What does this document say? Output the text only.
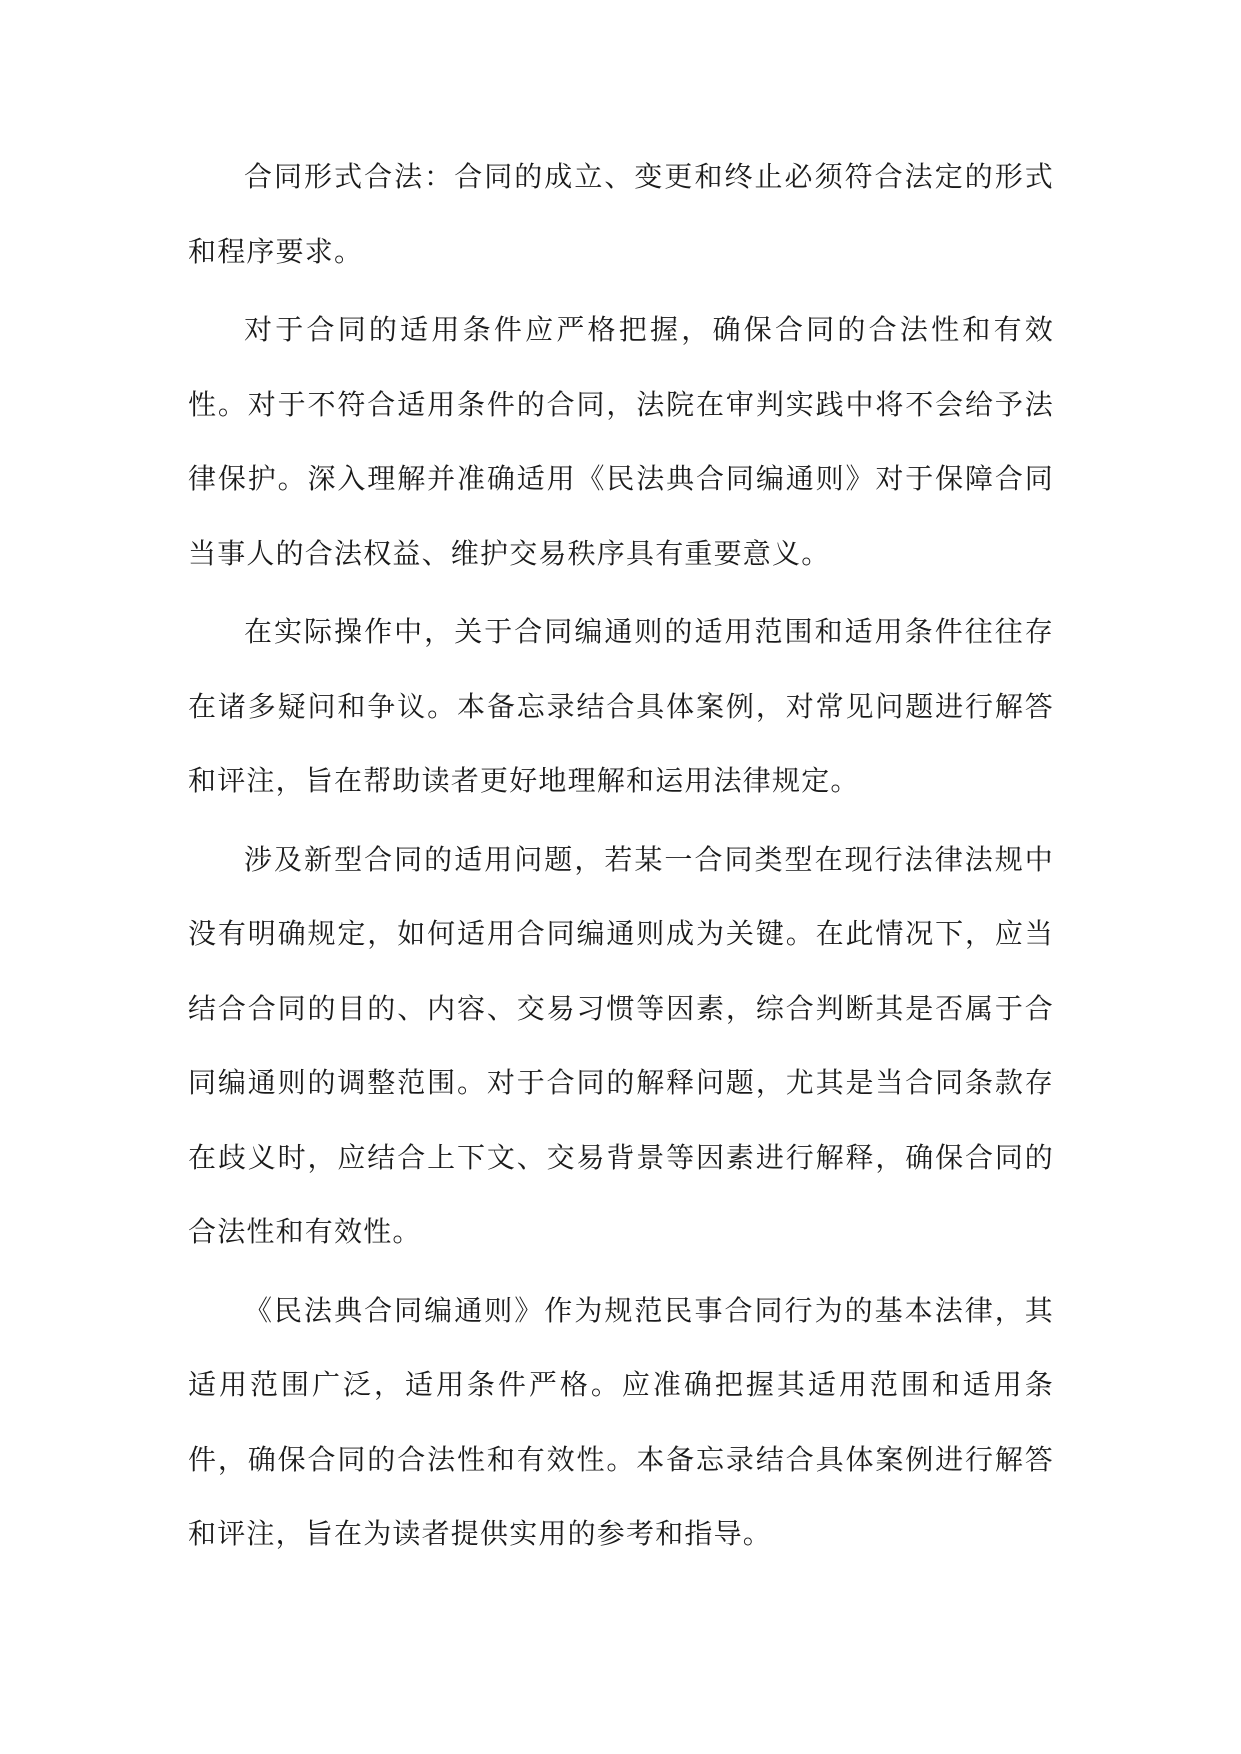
合同形式合法：合同的成立、变更和终止必须符合法定的形式和程序要求。

对于合同的适用条件应严格把握，确保合同的合法性和有效性。对于不符合适用条件的合同，法院在审判实践中将不会给予法律保护。深入理解并准确适用《民法典合同编通则》对于保障合同当事人的合法权益、维护交易秩序具有重要意义。

在实际操作中，关于合同编通则的适用范围和适用条件往往存在诸多疑问和争议。本备忘录结合具体案例，对常见问题进行解答和评注，旨在帮助读者更好地理解和运用法律规定。

涉及新型合同的适用问题，若某一合同类型在现行法律法规中没有明确规定，如何适用合同编通则成为关键。在此情况下，应当结合合同的目的、内容、交易习惯等因素，综合判断其是否属于合同编通则的调整范围。对于合同的解释问题，尤其是当合同条款存在歧义时，应结合上下文、交易背景等因素进行解释，确保合同的合法性和有效性。

《民法典合同编通则》作为规范民事合同行为的基本法律，其适用范围广泛，适用条件严格。应准确把握其适用范围和适用条件，确保合同的合法性和有效性。本备忘录结合具体案例进行解答和评注，旨在为读者提供实用的参考和指导。
